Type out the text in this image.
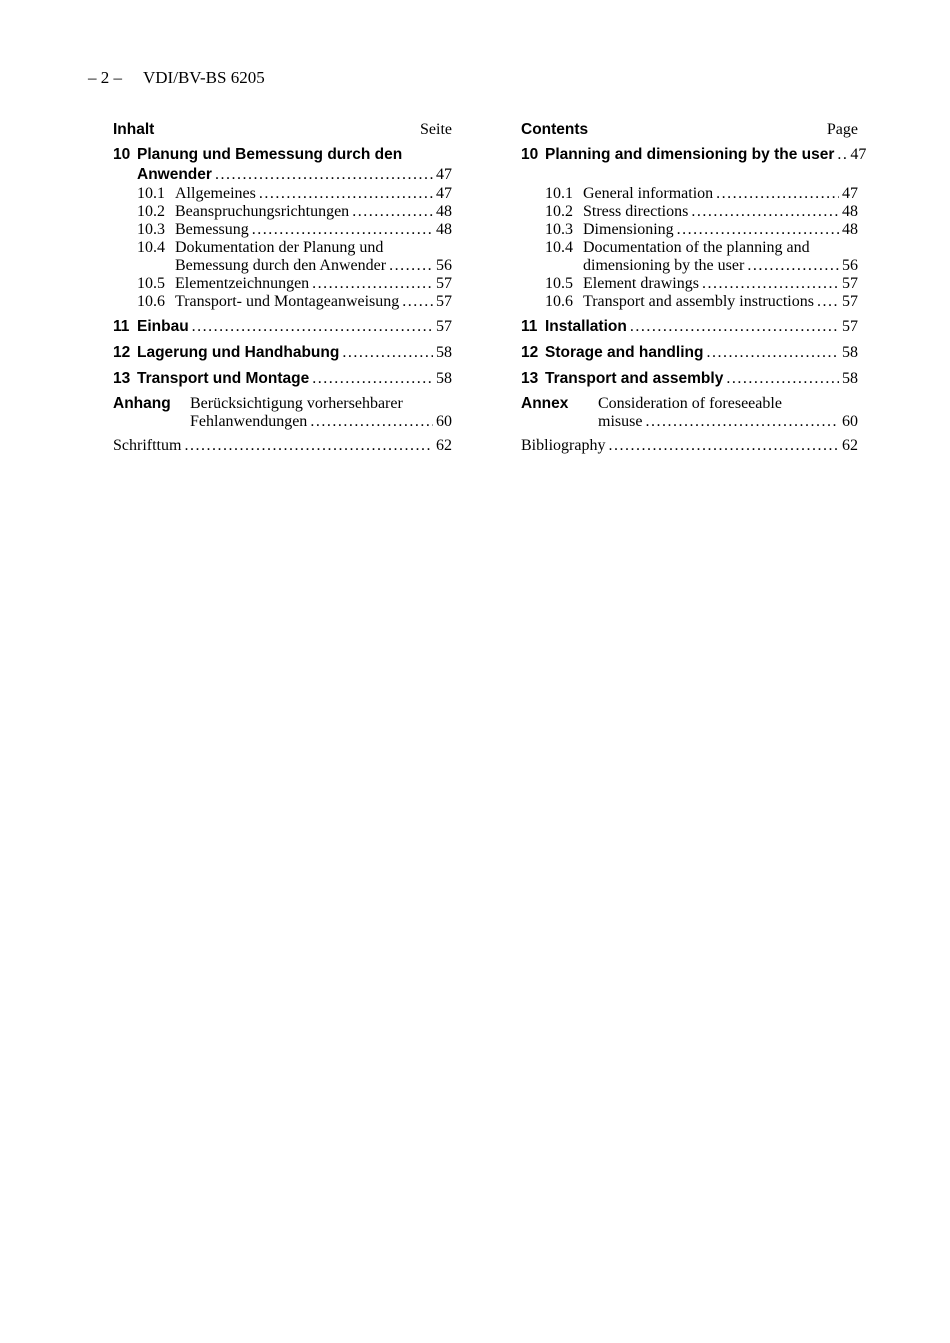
– 2 – VDI/BV-BS 6205
Inhalt	Seite
10 Planung und Bemessung durch den
Anwender .....	47
10.1 Allgemeines .....	47
10.2 Beanspruchungsrichtungen .....	48
10.3 Bemessung .....	48
10.4 Dokumentation der Planung und
Bemessung durch den Anwender .....	56
10.5 Elementzeichnungen .....	57
10.6 Transport- und Montageanweisung ..... 57
11 Einbau .....	57
12 Lagerung und Handhabung .....	58
13 Transport und Montage .....	58
Anhang Berücksichtigung vorhersehbarer
Fehlanwendungen .....	60
Schrifttum .....	62
Contents	Page
10 Planning and dimensioning by the user ..... 47
10.1 General information .....	47
10.2 Stress directions .....	48
10.3 Dimensioning .....	48
10.4 Documentation of the planning and
dimensioning by the user .....	56
10.5 Element drawings .....	57
10.6 Transport and assembly instructions ..... 57
11 Installation .....	57
12 Storage and handling .....	58
13 Transport and assembly .....	58
Annex Consideration of foreseeable
misuse .....	60
Bibliography .....	62
